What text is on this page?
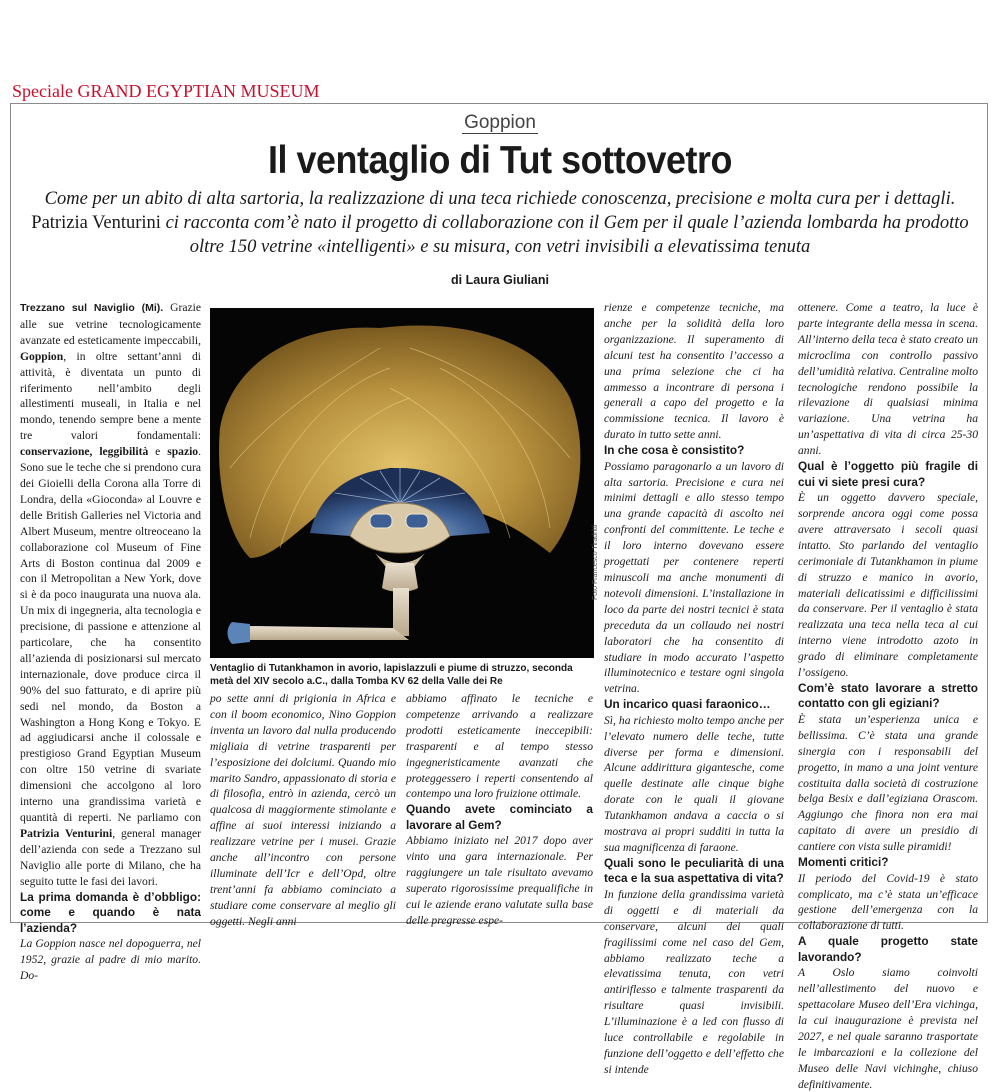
Speciale GRAND EGYPTIAN MUSEUM
Goppion
Il ventaglio di Tut sottovetro
Come per un abito di alta sartoria, la realizzazione di una teca richiede conoscenza, precisione e molta cura per i dettagli.
Patrizia Venturini ci racconta com’è nato il progetto di collaborazione con il Gem per il quale l’azienda lombarda ha prodotto oltre 150 vetrine «intelligenti» e su misura, con vetri invisibili a elevatissima tenuta
di Laura Giuliani

Trezzano sul Naviglio (Mi). Grazie alle sue vetrine tecnologicamente avanzate ed esteticamente impeccabili, Goppion, in oltre settant’anni di attività, è diventata un punto di riferimento nell’ambito degli allestimenti museali, in Italia e nel mondo, tenendo sempre bene a mente tre valori fondamentali: conservazione, leggibilità e spazio. Sono sue le teche che si prendono cura dei Gioielli della Corona alla Torre di Londra, della «Gioconda» al Louvre e delle British Galleries nel Victoria and Albert Museum, mentre oltreoceano la collaborazione col Museum of Fine Arts di Boston continua dal 2009 e con il Metropolitan a New York, dove si è da poco inaugurata una nuova ala. Un mix di ingegneria, alta tecnologia e precisione, di passione e attenzione al particolare, che ha consentito all’azienda di posizionarsi sul mercato internazionale, dove produce circa il 90% del suo fatturato, e di aprire più sedi nel mondo, da Boston a Washington a Hong Kong e Tokyo. E ad aggiudicarsi anche il colossale e prestigioso Grand Egyptian Museum con oltre 150 vetrine di svariate dimensioni che accolgono al loro interno una grandissima varietà e quantità di reperti. Ne parliamo con Patrizia Venturini, general manager dell’azienda con sede a Trezzano sul Naviglio alle porte di Milano, che ha seguito tutte le fasi dei lavori.

La prima domanda è d’obbligo: come e quando è nata l’azienda?

La Goppion nasce nel dopoguerra, nel 1952, grazie al padre di mio marito. Do-

Foto Francesco Tiradritti
Ventaglio di Tutankhamon in avorio, lapislazzuli e piume di struzzo, seconda metà del XIV secolo a.C., dalla Tomba KV 62 della Valle dei Re

po sette anni di prigionia in Africa e con il boom economico, Nino Goppion inventa un lavoro dal nulla producendo migliaia di vetrine trasparenti per l’esposizione dei dolciumi. Quando mio marito Sandro, appassionato di storia e di filosofia, entrò in azienda, cercò un qualcosa di maggiormente stimolante e affine ai suoi interessi iniziando a realizzare vetrine per i musei. Grazie anche all’incontro con persone illuminate dell’Icr e dell’Opd, oltre trent’anni fa abbiamo cominciato a studiare come conservare al meglio gli oggetti. Negli anni

abbiamo affinato le tecniche e competenze arrivando a realizzare prodotti esteticamente ineccepibili: trasparenti e al tempo stesso ingegneristicamente avanzati che proteggessero i reperti consentendo al contempo una loro fruizione ottimale.

Quando avete cominciato a lavorare al Gem?

Abbiamo iniziato nel 2017 dopo aver vinto una gara internazionale. Per raggiungere un tale risultato avevamo superato rigorosissime prequalifiche in cui le aziende erano valutate sulla base delle pregresse espe-

rienze e competenze tecniche, ma anche per la solidità della loro organizzazione. Il superamento di alcuni test ha consentito l’accesso a una prima selezione che ci ha ammesso a incontrare di persona i generali a capo del progetto e la commissione tecnica. Il lavoro è durato in tutto sette anni.

In che cosa è consistito?

Possiamo paragonarlo a un lavoro di alta sartoria. Precisione e cura nei minimi dettagli e allo stesso tempo una grande capacità di ascolto nei confronti del committente. Le teche e il loro interno dovevano essere progettati per contenere reperti minuscoli ma anche monumenti di notevoli dimensioni. L’installazione in loco da parte dei nostri tecnici è stata preceduta da un collaudo nei nostri laboratori che ha consentito di studiare in modo accurato l’aspetto illuminotecnico e testare ogni singola vetrina.

Un incarico quasi faraonico…

Sì, ha richiesto molto tempo anche per l’elevato numero delle teche, tutte diverse per forma e dimensioni. Alcune addirittura gigantesche, come quelle destinate alle cinque bighe dorate con le quali il giovane Tutankhamon andava a caccia o si mostrava ai propri sudditi in tutta la sua magnificenza di faraone.

Quali sono le peculiarità di una teca e la sua aspettativa di vita?

In funzione della grandissima varietà di oggetti e di materiali da conservare, alcuni dei quali fragilissimi come nel caso del Gem, abbiamo realizzato teche a elevatissima tenuta, con vetri antiriflesso e talmente trasparenti da risultare quasi invisibili. L’illuminazione è a led con flusso di luce controllabile e regolabile in funzione dell’oggetto e dell’effetto che si intende

ottenere. Come a teatro, la luce è parte integrante della messa in scena. All’interno della teca è stato creato un microclima con controllo passivo dell’umidità relativa. Centraline molto tecnologiche rendono possibile la rilevazione di qualsiasi minima variazione. Una vetrina ha un’aspettativa di vita di circa 25-30 anni.

Qual è l’oggetto più fragile di cui vi siete presi cura?

È un oggetto davvero speciale, sorprende ancora oggi come possa avere attraversato i secoli quasi intatto. Sto parlando del ventaglio cerimoniale di Tutankhamon in piume di struzzo e manico in avorio, materiali delicatissimi e difficilissimi da conservare. Per il ventaglio è stata realizzata una teca nella teca al cui interno viene introdotto azoto in grado di eliminare completamente l’ossigeno.

Com’è stato lavorare a stretto contatto con gli egiziani?

È stata un’esperienza unica e bellissima. C’è stata una grande sinergia con i responsabili del progetto, in mano a una joint venture costituita dalla società di costruzione belga Besix e dall’egiziana Orascom. Aggiungo che finora non era mai capitato di avere un presidio di cantiere con vista sulle piramidi!

Momenti critici?

Il periodo del Covid-19 è stato complicato, ma c’è stata un’efficace gestione dell’emergenza con la collaborazione di tutti.

A quale progetto state lavorando?

A Oslo siamo coinvolti nell’allestimento del nuovo e spettacolare Museo dell’Era vichinga, la cui inaugurazione è prevista nel 2027, e nel quale saranno trasportate le imbarcazioni e la collezione del Museo delle Navi vichinghe, chiuso definitivamente.
